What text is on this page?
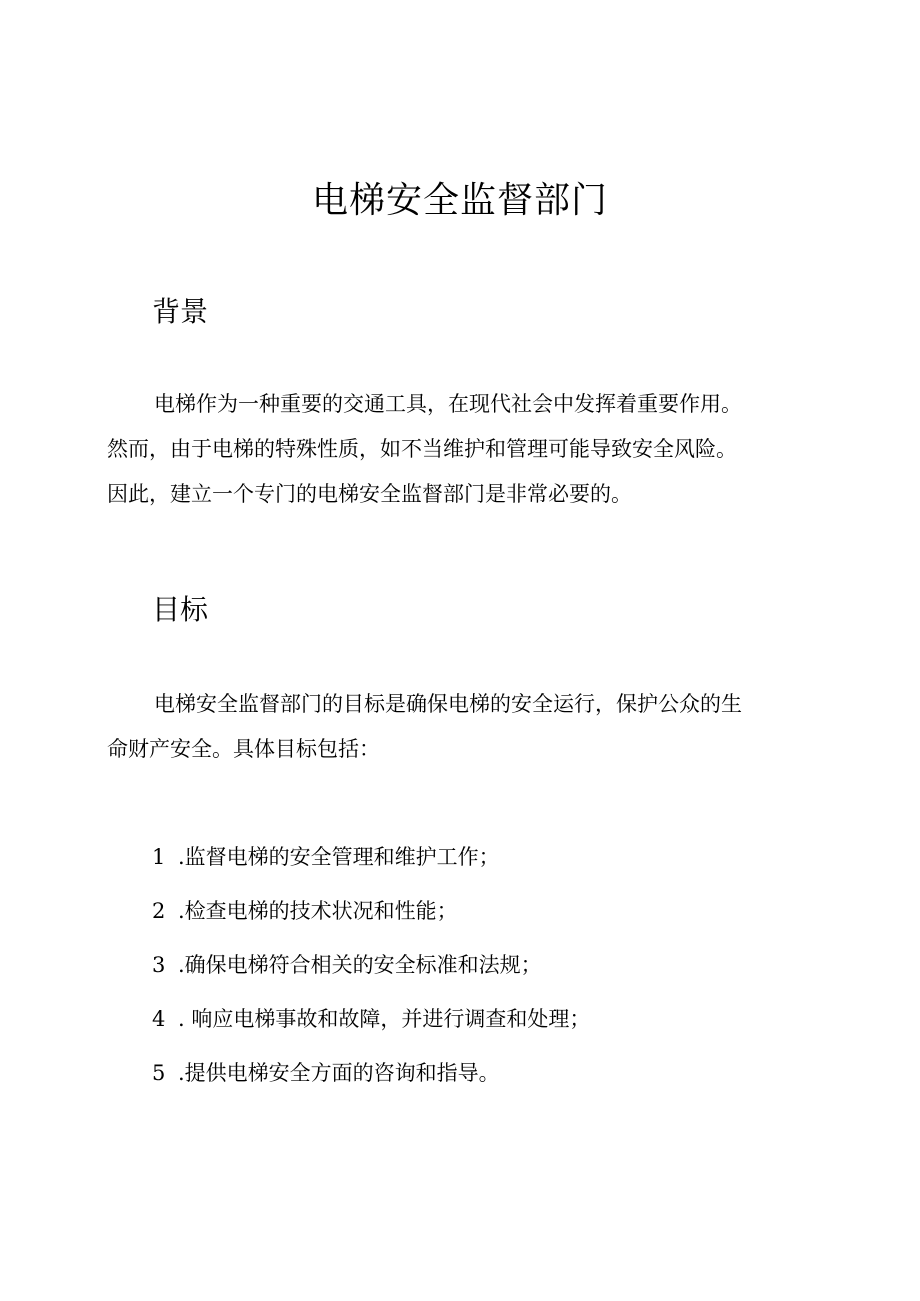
电梯安全监督部门
背景

电梯作为一种重要的交通工具，在现代社会中发挥着重要作用。
然而，由于电梯的特殊性质，如不当维护和管理可能导致安全风险。
因此，建立一个专门的电梯安全监督部门是非常必要的。

目标

电梯安全监督部门的目标是确保电梯的安全运行，保护公众的生
命财产安全。具体目标包括：

1 .监督电梯的安全管理和维护工作；
2 .检查电梯的技术状况和性能；
3 .确保电梯符合相关的安全标准和法规；
4 . 响应电梯事故和故障，并进行调查和处理；
5 .提供电梯安全方面的咨询和指导。
